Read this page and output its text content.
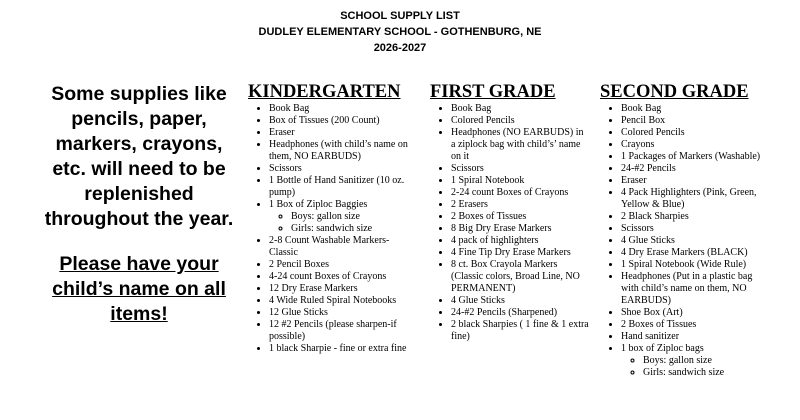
SCHOOL SUPPLY LIST
DUDLEY ELEMENTARY SCHOOL - GOTHENBURG, NE
2026-2027
Some supplies like pencils, paper, markers, crayons, etc. will need to be replenished throughout the year.
Please have your child’s name on all items!
KINDERGARTEN
• Book Bag
• Box of Tissues (200 Count)
• Eraser
• Headphones (with child’s name on them, NO EARBUDS)
• Scissors
• 1 Bottle of Hand Sanitizer (10 oz. pump)
• 1 Box of Ziploc Baggies
◦ Boys: gallon size
◦ Girls: sandwich size
• 2-8 Count Washable Markers-Classic
• 2 Pencil Boxes
• 4-24 count Boxes of Crayons
• 12 Dry Erase Markers
• 4 Wide Ruled Spiral Notebooks
• 12 Glue Sticks
• 12 #2 Pencils (please sharpen-if possible)
• 1 black Sharpie - fine or extra fine
FIRST GRADE
• Book Bag
• Colored Pencils
• Headphones (NO EARBUDS) in a ziplock bag with child’s’ name on it
• Scissors
• 1 Spiral Notebook
• 2-24 count Boxes of Crayons
• 2 Erasers
• 2 Boxes of Tissues
• 8 Big Dry Erase Markers
• 4 pack of highlighters
• 4 Fine Tip Dry Erase Markers
• 8 ct. Box Crayola Markers (Classic colors, Broad Line, NO PERMANENT)
• 4 Glue Sticks
• 24-#2 Pencils (Sharpened)
• 2 black Sharpies ( 1 fine & 1 extra fine)
SECOND GRADE
• Book Bag
• Pencil Box
• Colored Pencils
• Crayons
• 1 Packages of Markers (Washable)
• 24-#2 Pencils
• Eraser
• 4 Pack Highlighters (Pink, Green, Yellow & Blue)
• 2 Black Sharpies
• Scissors
• 4 Glue Sticks
• 4 Dry Erase Markers (BLACK)
• 1 Spiral Notebook (Wide Rule)
• Headphones (Put in a plastic bag with child’s name on them, NO EARBUDS)
• Shoe Box (Art)
• 2 Boxes of Tissues
• Hand sanitizer
• 1 box of Ziploc bags
◦ Boys: gallon size
◦ Girls: sandwich size
